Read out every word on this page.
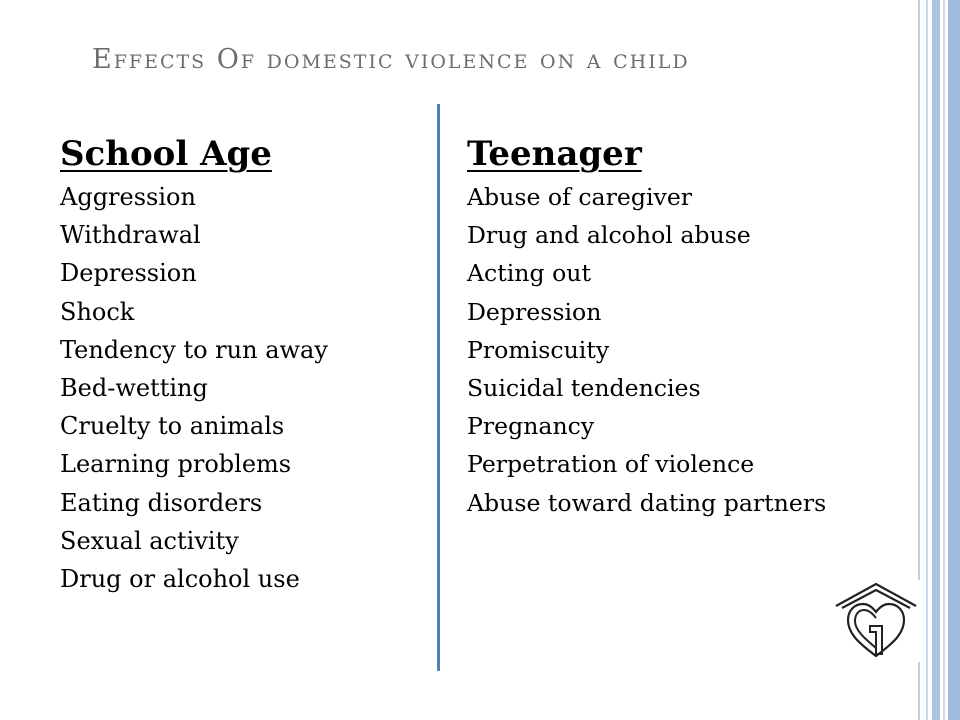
Effects Of domestic violence on a child
School Age
Aggression
Withdrawal
Depression
Shock
Tendency to run away
Bed-wetting
Cruelty to animals
Learning problems
Eating disorders
Sexual activity
Drug or alcohol use
Teenager
Abuse of caregiver
Drug and alcohol abuse
Acting out
Depression
Promiscuity
Suicidal tendencies
Pregnancy
Perpetration of violence
Abuse toward dating partners
